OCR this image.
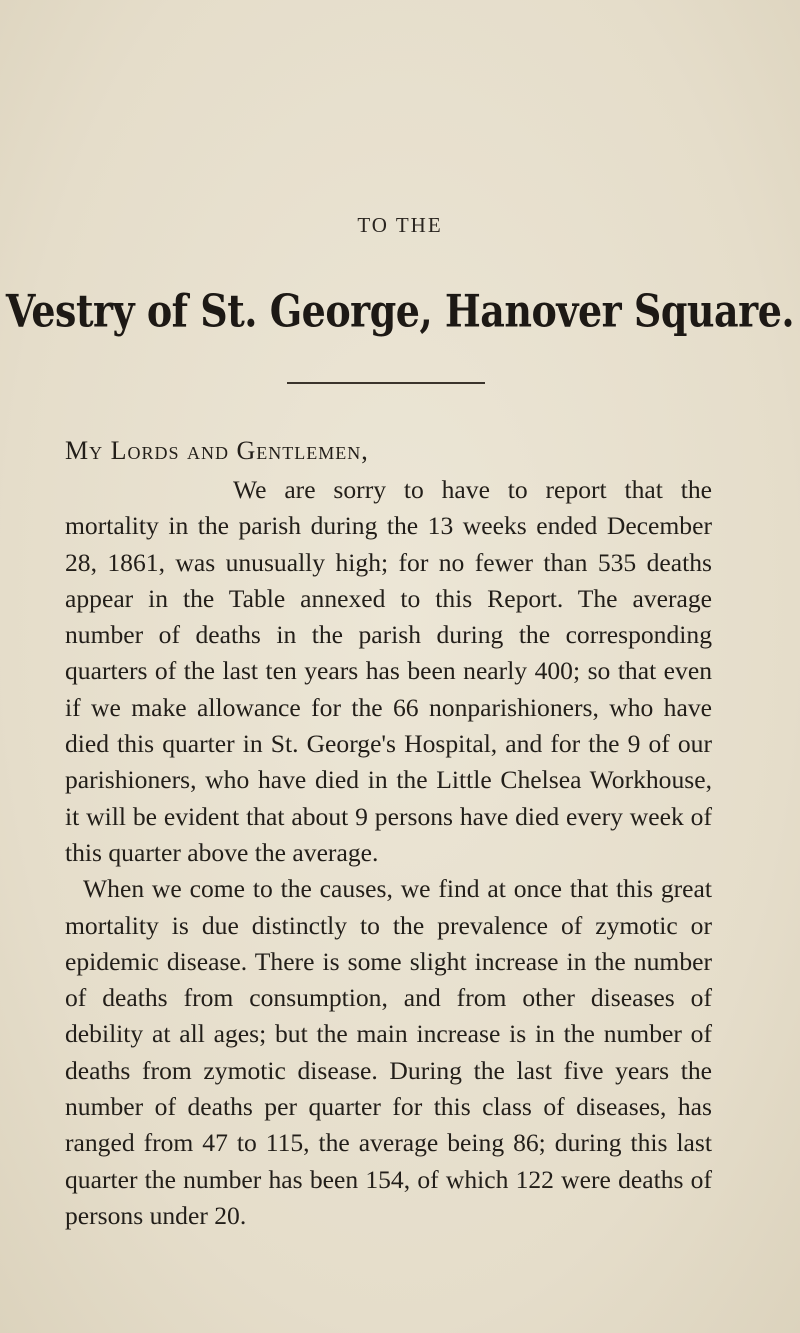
TO THE
Vestry of St. George, Hanover Square.
My Lords and Gentlemen,

We are sorry to have to report that the mortality in the parish during the 13 weeks ended December 28, 1861, was unusually high; for no fewer than 535 deaths appear in the Table annexed to this Report. The average number of deaths in the parish during the corresponding quarters of the last ten years has been nearly 400; so that even if we make allowance for the 66 nonparishioners, who have died this quarter in St. George's Hospital, and for the 9 of our parishioners, who have died in the Little Chelsea Workhouse, it will be evident that about 9 persons have died every week of this quarter above the average.

When we come to the causes, we find at once that this great mortality is due distinctly to the prevalence of zymotic or epidemic disease. There is some slight increase in the number of deaths from consumption, and from other diseases of debility at all ages; but the main increase is in the number of deaths from zymotic disease. During the last five years the number of deaths per quarter for this class of diseases, has ranged from 47 to 115, the average being 86; during this last quarter the number has been 154, of which 122 were deaths of persons under 20.
